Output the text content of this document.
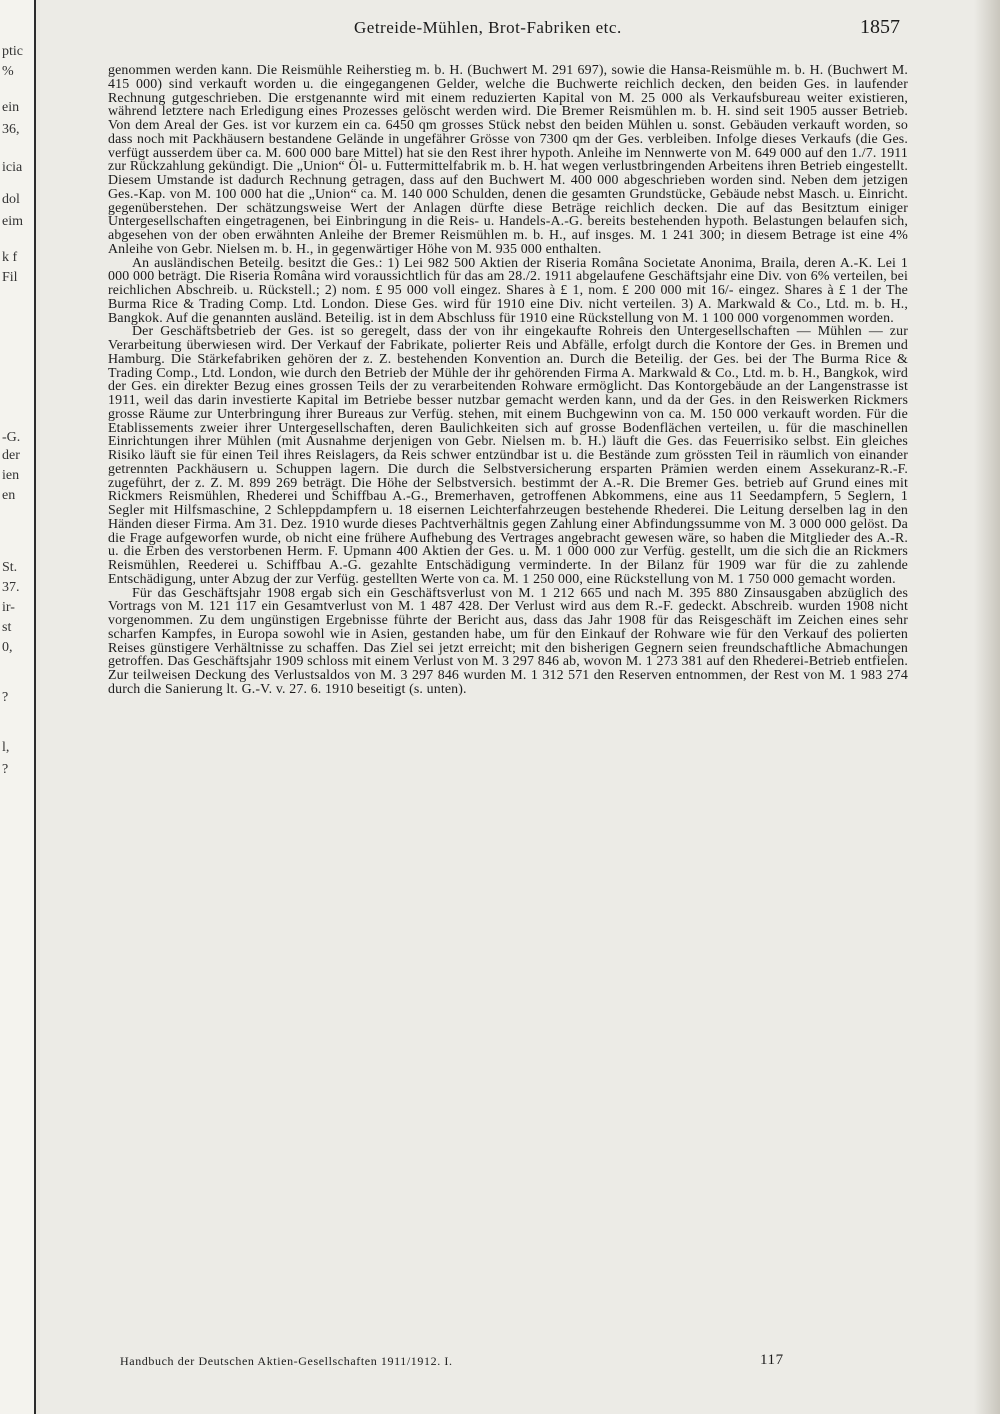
ptic
%
ein
36,
icia
dol
eim
k f
Fil
-G.
der
ien
en
St.
37.
ir-
st
0,
?
l,
?
Getreide-Mühlen, Brot-Fabriken etc.	1857

genommen werden kann. Die Reismühle Reiherstieg m. b. H. (Buchwert M. 291 697), sowie die Hansa-Reismühle m. b. H. (Buchwert M. 415 000) sind verkauft worden u. die eingegangenen Gelder, welche die Buchwerte reichlich decken, den beiden Ges. in laufender Rechnung gutgeschrieben. Die erstgenannte wird mit einem reduzierten Kapital von M. 25 000 als Verkaufsbureau weiter existieren, während letztere nach Erledigung eines Prozesses gelöscht werden wird. Die Bremer Reismühlen m. b. H. sind seit 1905 ausser Betrieb. Von dem Areal der Ges. ist vor kurzem ein ca. 6450 qm grosses Stück nebst den beiden Mühlen u. sonst. Gebäuden verkauft worden, so dass noch mit Packhäusern bestandene Gelände in ungefährer Grösse von 7300 qm der Ges. verbleiben. Infolge dieses Verkaufs (die Ges. verfügt ausserdem über ca. M. 600 000 bare Mittel) hat sie den Rest ihrer hypoth. Anleihe im Nennwerte von M. 649 000 auf den 1./7. 1911 zur Rückzahlung gekündigt. Die „Union“ Öl- u. Futtermittelfabrik m. b. H. hat wegen verlustbringenden Arbeitens ihren Betrieb eingestellt. Diesem Umstande ist dadurch Rechnung getragen, dass auf den Buchwert M. 400 000 abgeschrieben worden sind. Neben dem jetzigen Ges.-Kap. von M. 100 000 hat die „Union“ ca. M. 140 000 Schulden, denen die gesamten Grundstücke, Gebäude nebst Masch. u. Einricht. gegenüberstehen. Der schätzungsweise Wert der Anlagen dürfte diese Beträge reichlich decken. Die auf das Besitztum einiger Untergesellschaften eingetragenen, bei Einbringung in die Reis- u. Handels-A.-G. bereits bestehenden hypoth. Belastungen belaufen sich, abgesehen von der oben erwähnten Anleihe der Bremer Reismühlen m. b. H., auf insges. M. 1 241 300; in diesem Betrage ist eine 4% Anleihe von Gebr. Nielsen m. b. H., in gegenwärtiger Höhe von M. 935 000 enthalten.

An ausländischen Beteilg. besitzt die Ges.: 1) Lei 982 500 Aktien der Riseria Româna Societate Anonima, Braila, deren A.-K. Lei 1 000 000 beträgt. Die Riseria Româna wird voraussichtlich für das am 28./2. 1911 abgelaufene Geschäftsjahr eine Div. von 6% verteilen, bei reichlichen Abschreib. u. Rückstell.; 2) nom. £ 95 000 voll eingez. Shares à £ 1, nom. £ 200 000 mit 16/- eingez. Shares à £ 1 der The Burma Rice & Trading Comp. Ltd. London. Diese Ges. wird für 1910 eine Div. nicht verteilen. 3) A. Markwald & Co., Ltd. m. b. H., Bangkok. Auf die genannten ausländ. Beteilig. ist in dem Abschluss für 1910 eine Rückstellung von M. 1 100 000 vorgenommen worden.

Der Geschäftsbetrieb der Ges. ist so geregelt, dass der von ihr eingekaufte Rohreis den Untergesellschaften — Mühlen — zur Verarbeitung überwiesen wird. Der Verkauf der Fabrikate, polierter Reis und Abfälle, erfolgt durch die Kontore der Ges. in Bremen und Hamburg. Die Stärkefabriken gehören der z. Z. bestehenden Konvention an. Durch die Beteilig. der Ges. bei der The Burma Rice & Trading Comp., Ltd. London, wie durch den Betrieb der Mühle der ihr gehörenden Firma A. Markwald & Co., Ltd. m. b. H., Bangkok, wird der Ges. ein direkter Bezug eines grossen Teils der zu verarbeitenden Rohware ermöglicht. Das Kontorgebäude an der Langenstrasse ist 1911, weil das darin investierte Kapital im Betriebe besser nutzbar gemacht werden kann, und da der Ges. in den Reiswerken Rickmers grosse Räume zur Unterbringung ihrer Bureaus zur Verfüg. stehen, mit einem Buchgewinn von ca. M. 150 000 verkauft worden. Für die Etablissements zweier ihrer Untergesellschaften, deren Baulichkeiten sich auf grosse Bodenflächen verteilen, u. für die maschinellen Einrichtungen ihrer Mühlen (mit Ausnahme derjenigen von Gebr. Nielsen m. b. H.) läuft die Ges. das Feuerrisiko selbst. Ein gleiches Risiko läuft sie für einen Teil ihres Reislagers, da Reis schwer entzündbar ist u. die Bestände zum grössten Teil in räumlich von einander getrennten Packhäusern u. Schuppen lagern. Die durch die Selbstversicherung ersparten Prämien werden einem Assekuranz-R.-F. zugeführt, der z. Z. M. 899 269 beträgt. Die Höhe der Selbstversich. bestimmt der A.-R. Die Bremer Ges. betrieb auf Grund eines mit Rickmers Reismühlen, Rhederei und Schiffbau A.-G., Bremerhaven, getroffenen Abkommens, eine aus 11 Seedampfern, 5 Seglern, 1 Segler mit Hilfsmaschine, 2 Schleppdampfern u. 18 eisernen Leichterfahrzeugen bestehende Rhederei. Die Leitung derselben lag in den Händen dieser Firma. Am 31. Dez. 1910 wurde dieses Pachtverhältnis gegen Zahlung einer Abfindungssumme von M. 3 000 000 gelöst. Da die Frage aufgeworfen wurde, ob nicht eine frühere Aufhebung des Vertrages angebracht gewesen wäre, so haben die Mitglieder des A.-R. u. die Erben des verstorbenen Herm. F. Upmann 400 Aktien der Ges. u. M. 1 000 000 zur Verfüg. gestellt, um die sich die an Rickmers Reismühlen, Reederei u. Schiffbau A.-G. gezahlte Entschädigung verminderte. In der Bilanz für 1909 war für die zu zahlende Entschädigung, unter Abzug der zur Verfüg. gestellten Werte von ca. M. 1 250 000, eine Rückstellung von M. 1 750 000 gemacht worden.

Für das Geschäftsjahr 1908 ergab sich ein Geschäftsverlust von M. 1 212 665 und nach M. 395 880 Zinsausgaben abzüglich des Vortrags von M. 121 117 ein Gesamtverlust von M. 1 487 428. Der Verlust wird aus dem R.-F. gedeckt. Abschreib. wurden 1908 nicht vorgenommen. Zu dem ungünstigen Ergebnisse führte der Bericht aus, dass das Jahr 1908 für das Reisgeschäft im Zeichen eines sehr scharfen Kampfes, in Europa sowohl wie in Asien, gestanden habe, um für den Einkauf der Rohware wie für den Verkauf des polierten Reises günstigere Verhältnisse zu schaffen. Das Ziel sei jetzt erreicht; mit den bisherigen Gegnern seien freundschaftliche Abmachungen getroffen. Das Geschäftsjahr 1909 schloss mit einem Verlust von M. 3 297 846 ab, wovon M. 1 273 381 auf den Rhederei-Betrieb entfielen. Zur teilweisen Deckung des Verlustsaldos von M. 3 297 846 wurden M. 1 312 571 den Reserven entnommen, der Rest von M. 1 983 274 durch die Sanierung lt. G.-V. v. 27. 6. 1910 beseitigt (s. unten).

Handbuch der Deutschen Aktien-Gesellschaften 1911/1912. I.	117
